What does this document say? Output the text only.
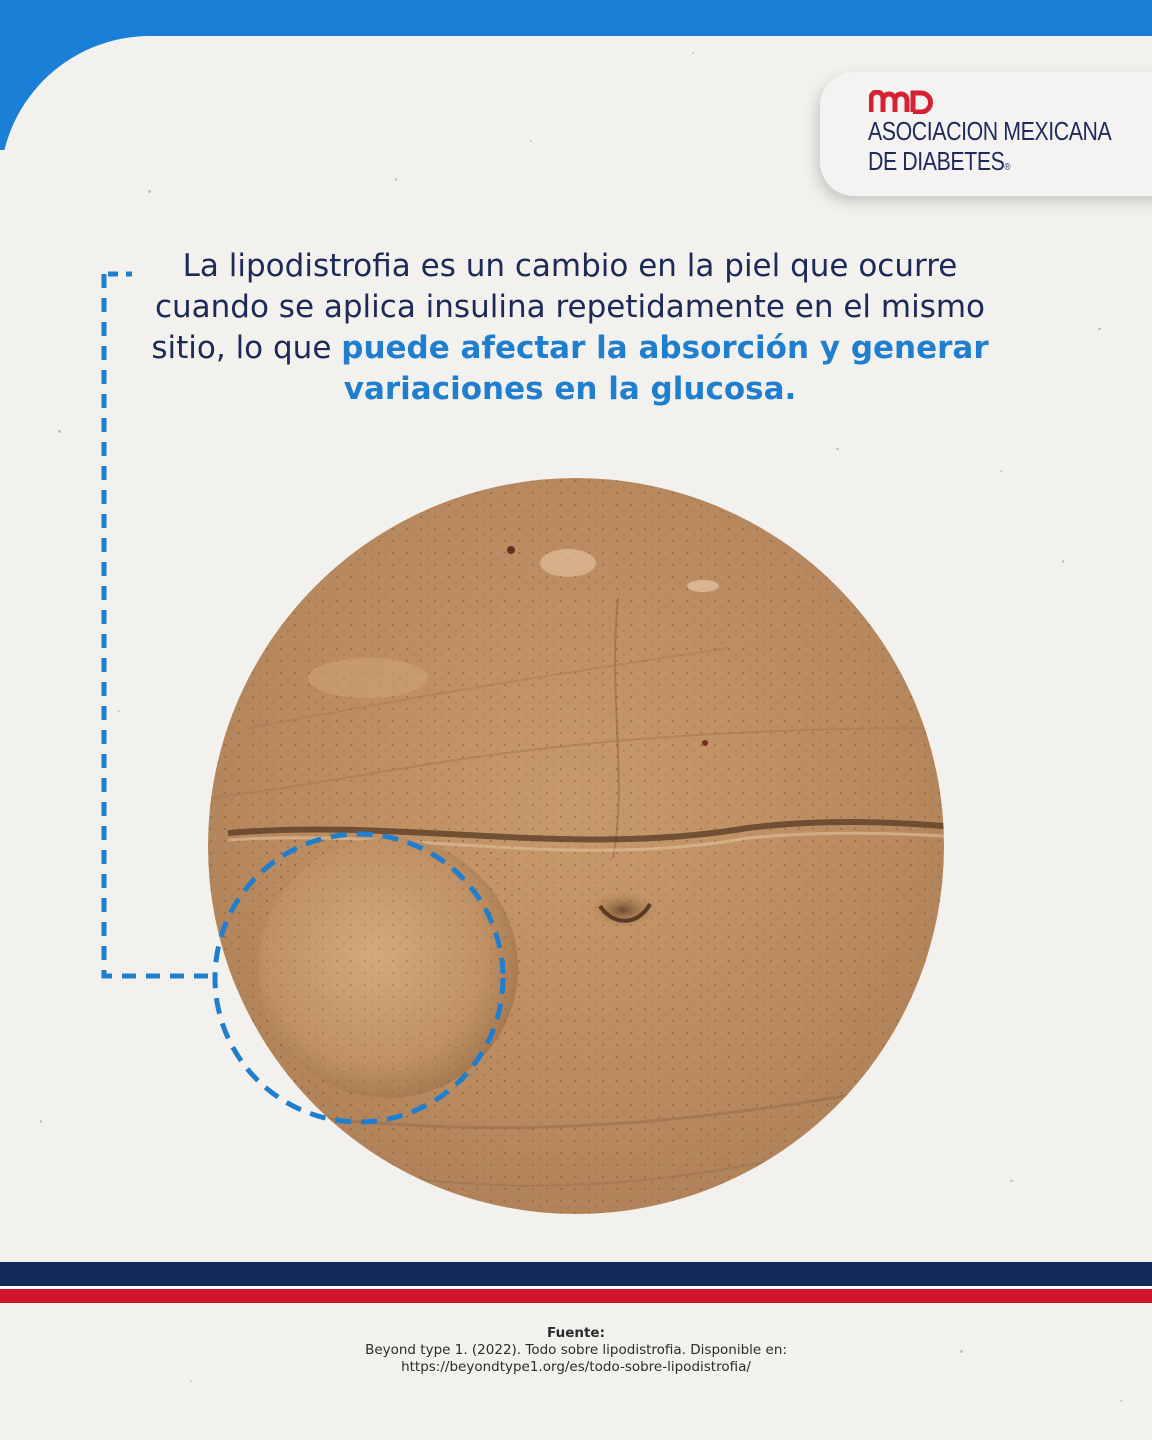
ASOCIACION MEXICANA

DE DIABETES®

La lipodistrofia es un cambio en la piel que ocurre cuando se aplica insulina repetidamente en el mismo sitio, lo que puede afectar la absorción y generar variaciones en la glucosa.

Fuente:
Beyond type 1. (2022). Todo sobre lipodistrofia. Disponible en:
https://beyondtype1.org/es/todo-sobre-lipodistrofia/
